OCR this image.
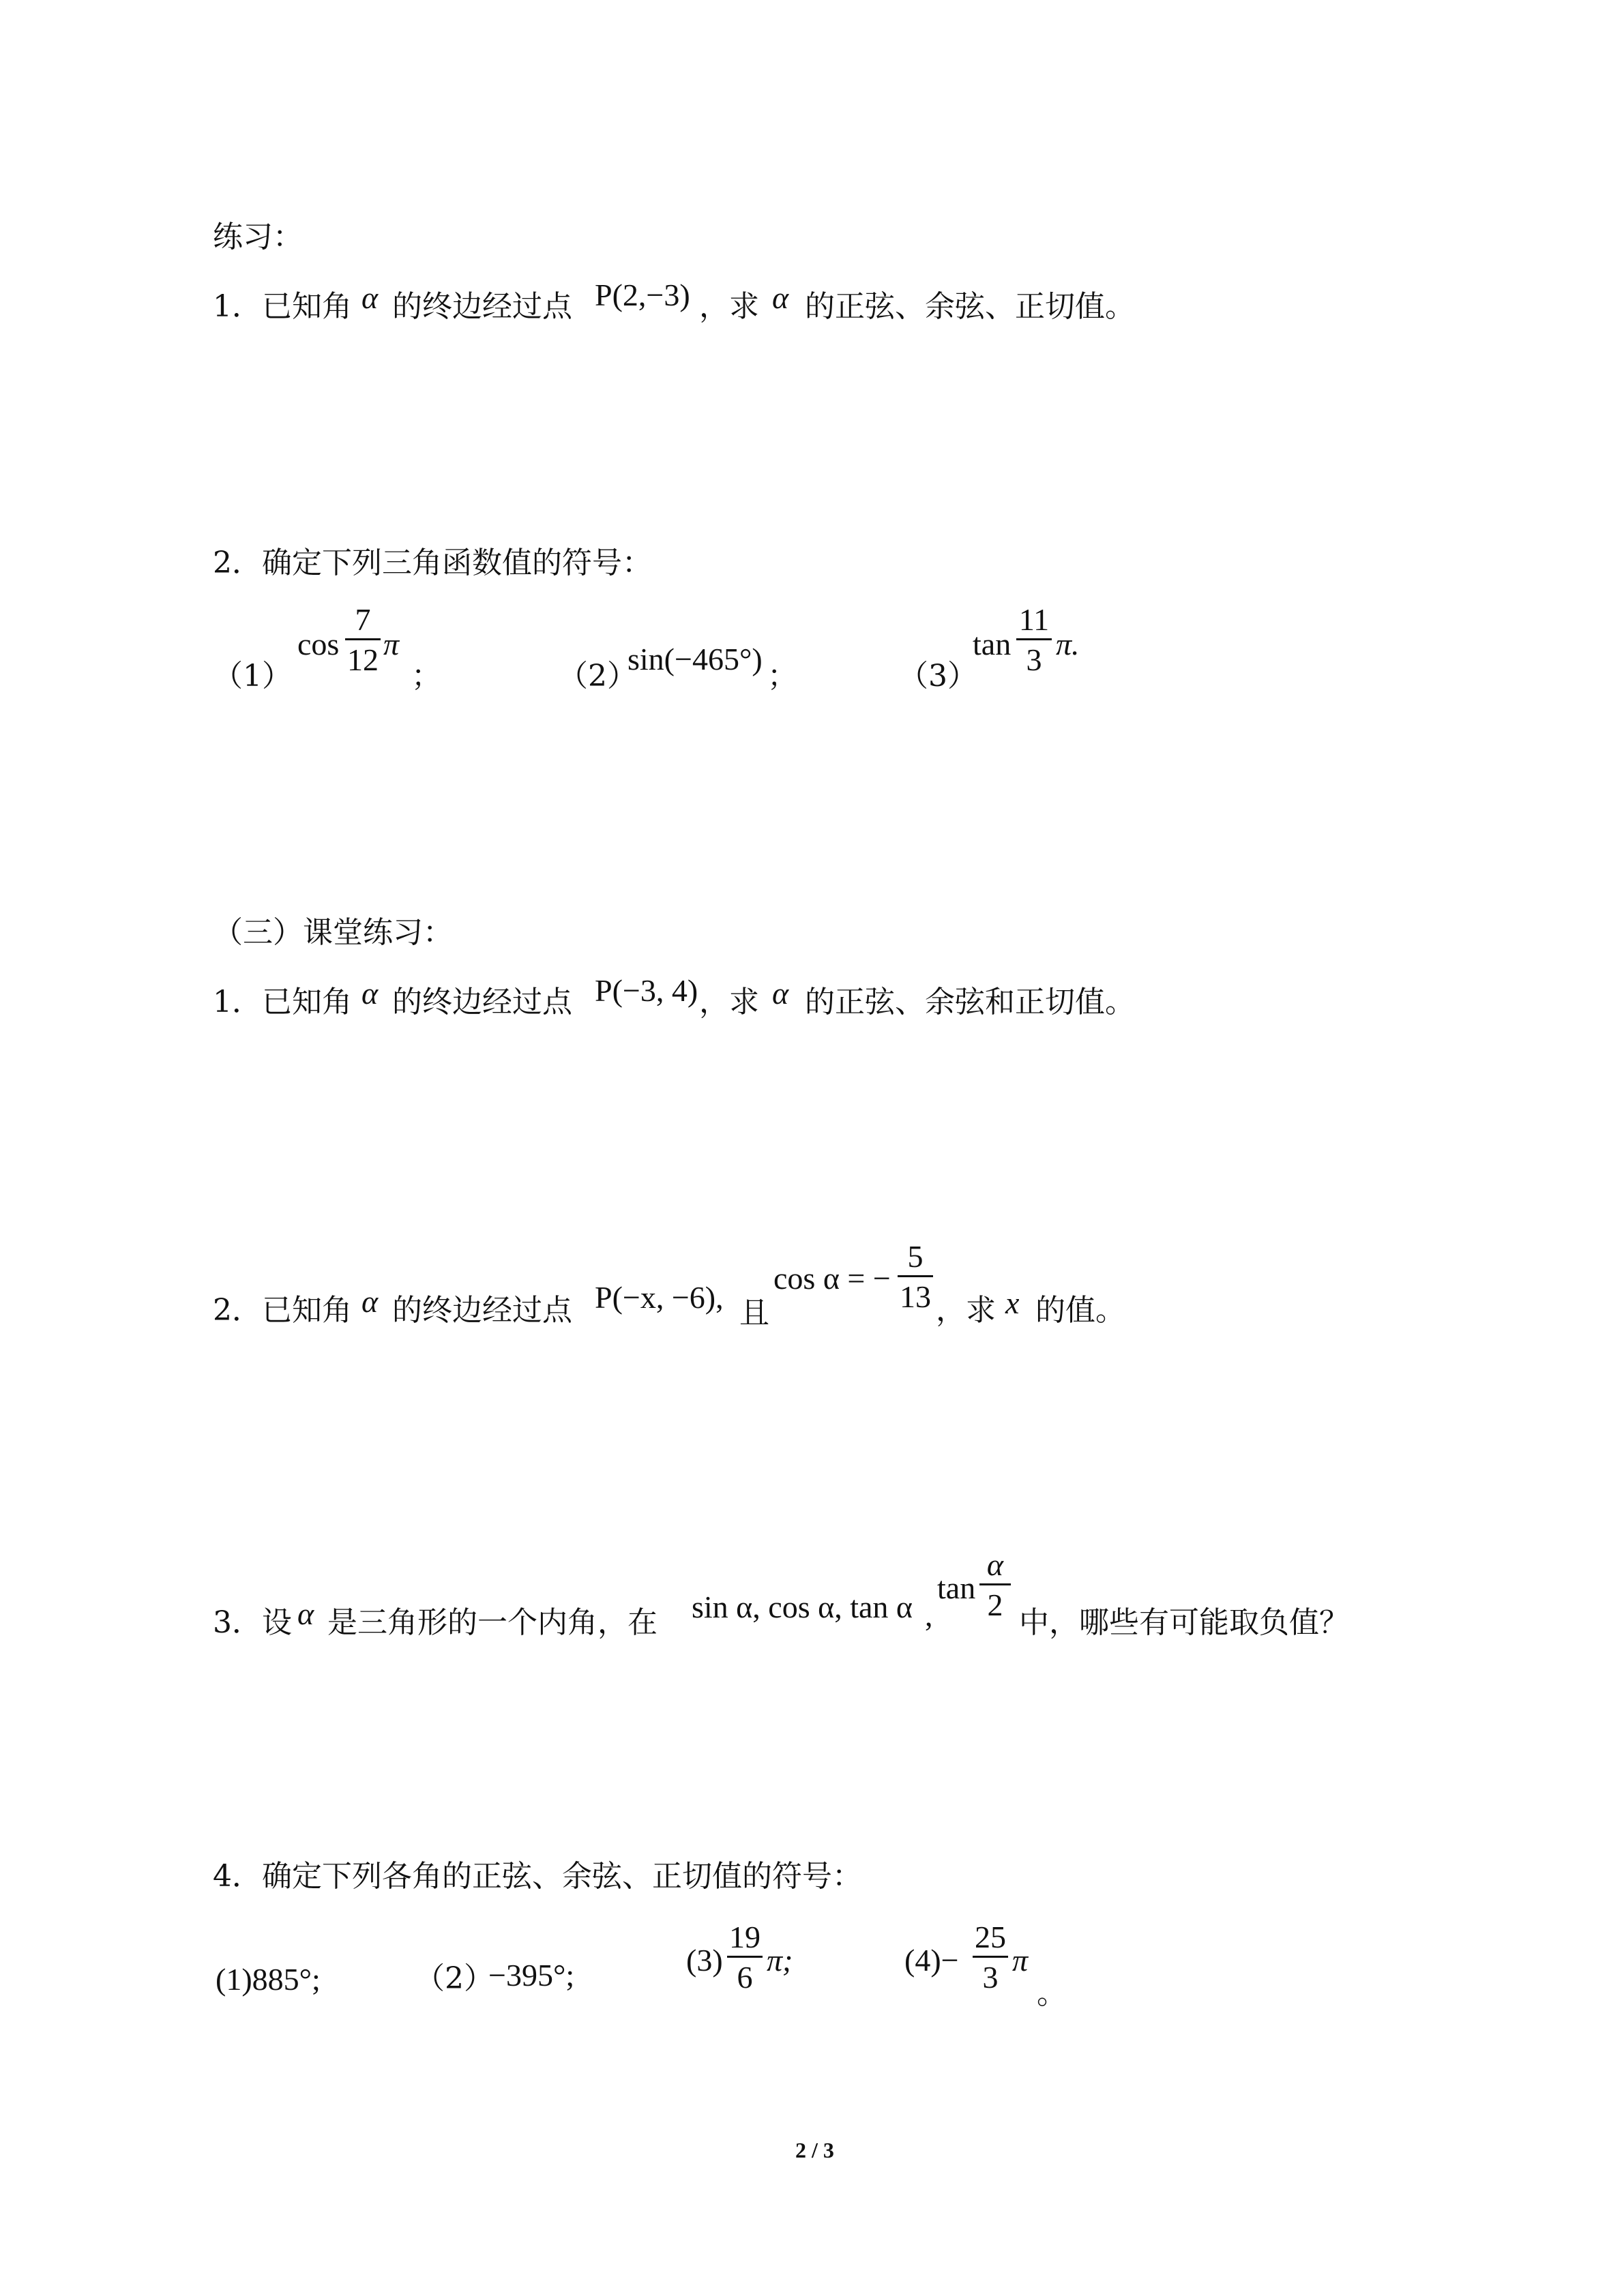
练习：
1．已知角 α 的终边经过点 P(2,−3) ，求 α 的正弦、余弦、正切值。
2．确定下列三角函数值的符号：
（1）
cos
7
12 π
；	（2）
sin(−465°) ；	（3）
tan
11
3 π.
（三）课堂练习：
1．已知角 α 的终边经过点 P(−3, 4) ，求 α 的正弦、余弦和正切值。
2．已知角 α 的终边经过点 P(−x, −6), 且
cos α = −
5
13 ，求 x 的值。
3．设 α 是三角形的一个内角，在 sin α, cos α, tan α ,
tan
α
2
中，哪些有可能取负值？
4．确定下列各角的正弦、余弦、正切值的符号：
(1)885°;	（2）
−395°;	(3)
19
6 π;	(4)−
25
3 π
。
2 / 3
